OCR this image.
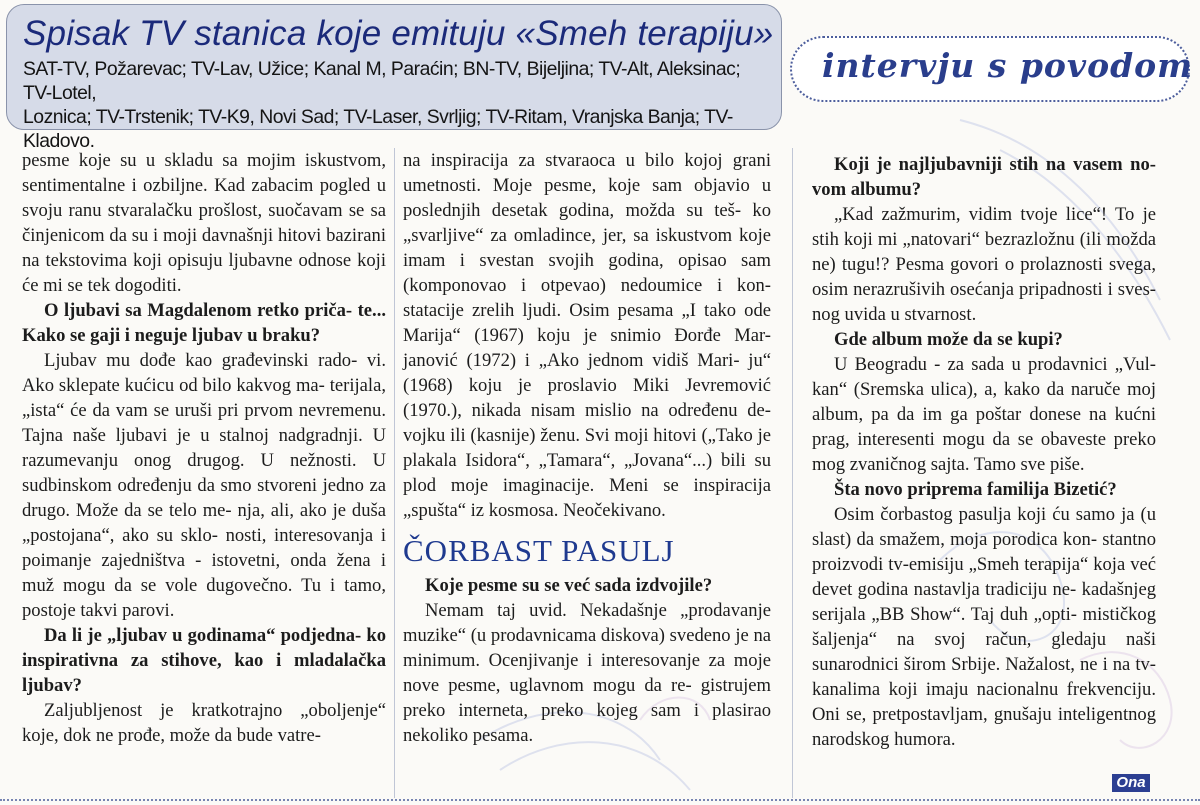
Spisak TV stanica koje emituju «Smeh terapiju»
SAT-TV, Požarevac; TV-Lav, Užice; Kanal M, Paraćin; BN-TV, Bijeljina; TV-Alt, Aleksinac; TV-Lotel,
Loznica; TV-Trstenik; TV-K9, Novi Sad; TV-Laser, Svrljig; TV-Ritam, Vranjska Banja; TV-Kladovo.
intervju s povodom

pesme koje su u skladu sa mojim iskustvom, sentimentalne i ozbiljne. Kad zabacim pogled u svoju ranu stvaralačku prošlost, suočavam se sa činjenicom da su i moji davnašnji hitovi bazirani na tekstovima koji opisuju ljubavne odnose koji će mi se tek dogoditi.

O ljubavi sa Magdalenom retko priča- te... Kako se gaji i neguje ljubav u braku?

Ljubav mu dođe kao građevinski rado- vi. Ako sklepate kućicu od bilo kakvog ma- terijala, „ista“ će da vam se uruši pri prvom nevremenu. Tajna naše ljubavi je u stalnoj nadgradnji. U razumevanju onog drugog. U nežnosti. U sudbinskom određenju da smo stvoreni jedno za drugo. Može da se telo me- nja, ali, ako je duša „postojana“, ako su sklo- nosti, interesovanja i poimanje zajedništva - istovetni, onda žena i muž mogu da se vole dugovečno. Tu i tamo, postoje takvi parovi.

Da li je „ljubav u godinama“ podjedna- ko inspirativna za stihove, kao i mladalačka ljubav?

Zaljubljenost je kratkotrajno „oboljenje“ koje, dok ne prođe, može da bude vatre-

na inspiracija za stvaraoca u bilo kojoj grani umetnosti. Moje pesme, koje sam objavio u poslednjih desetak godina, možda su teš- ko „svarljive“ za omladince, jer, sa iskustvom koje imam i svestan svojih godina, opisao sam (komponovao i otpevao) nedoumice i kon- statacije zrelih ljudi. Osim pesama „I tako ode Marija“ (1967) koju je snimio Đorđe Mar- janović (1972) i „Ako jednom vidiš Mari- ju“ (1968) koju je proslavio Miki Jevremović (1970.), nikada nisam mislio na određenu de- vojku ili (kasnije) ženu. Svi moji hitovi („Tako je plakala Isidora“, „Tamara“, „Jovana“...) bili su plod moje imaginacije. Meni se inspiracija „spušta“ iz kosmosa. Neočekivano.

ČORBAST PASULJ

Koje pesme su se već sada izdvojile?

Nemam taj uvid. Nekadašnje „prodavanje muzike“ (u prodavnicama diskova) svedeno je na minimum. Ocenjivanje i interesovanje za moje nove pesme, uglavnom mogu da re- gistrujem preko interneta, preko kojeg sam i plasirao nekoliko pesama.

Koji je najljubavniji stih na vasem no- vom albumu?

„Kad zažmurim, vidim tvoje lice“! To je stih koji mi „natovari“ bezrazložnu (ili možda ne) tugu!? Pesma govori o prolaznosti svega, osim nerazrušivih osećanja pripadnosti i sves- nog uvida u stvarnost.

Gde album može da se kupi?

U Beogradu - za sada u prodavnici „Vul- kan“ (Sremska ulica), a, kako da naruče moj album, pa da im ga poštar donese na kućni prag, interesenti mogu da se obaveste preko mog zvaničnog sajta. Tamo sve piše.

Šta novo priprema familija Bizetić?

Osim čorbastog pasulja koji ću samo ja (u slast) da smažem, moja porodica kon- stantno proizvodi tv-emisiju „Smeh terapija“ koja već devet godina nastavlja tradiciju ne- kadašnjeg serijala „BB Show“. Taj duh „opti- mističkog šaljenja“ na svoj račun, gledaju naši sunarodnici širom Srbije. Nažalost, ne i na tv- kanalima koji imaju nacionalnu frekvenciju. Oni se, pretpostavljam, gnušaju inteligentnog narodskog humora.

Ona
